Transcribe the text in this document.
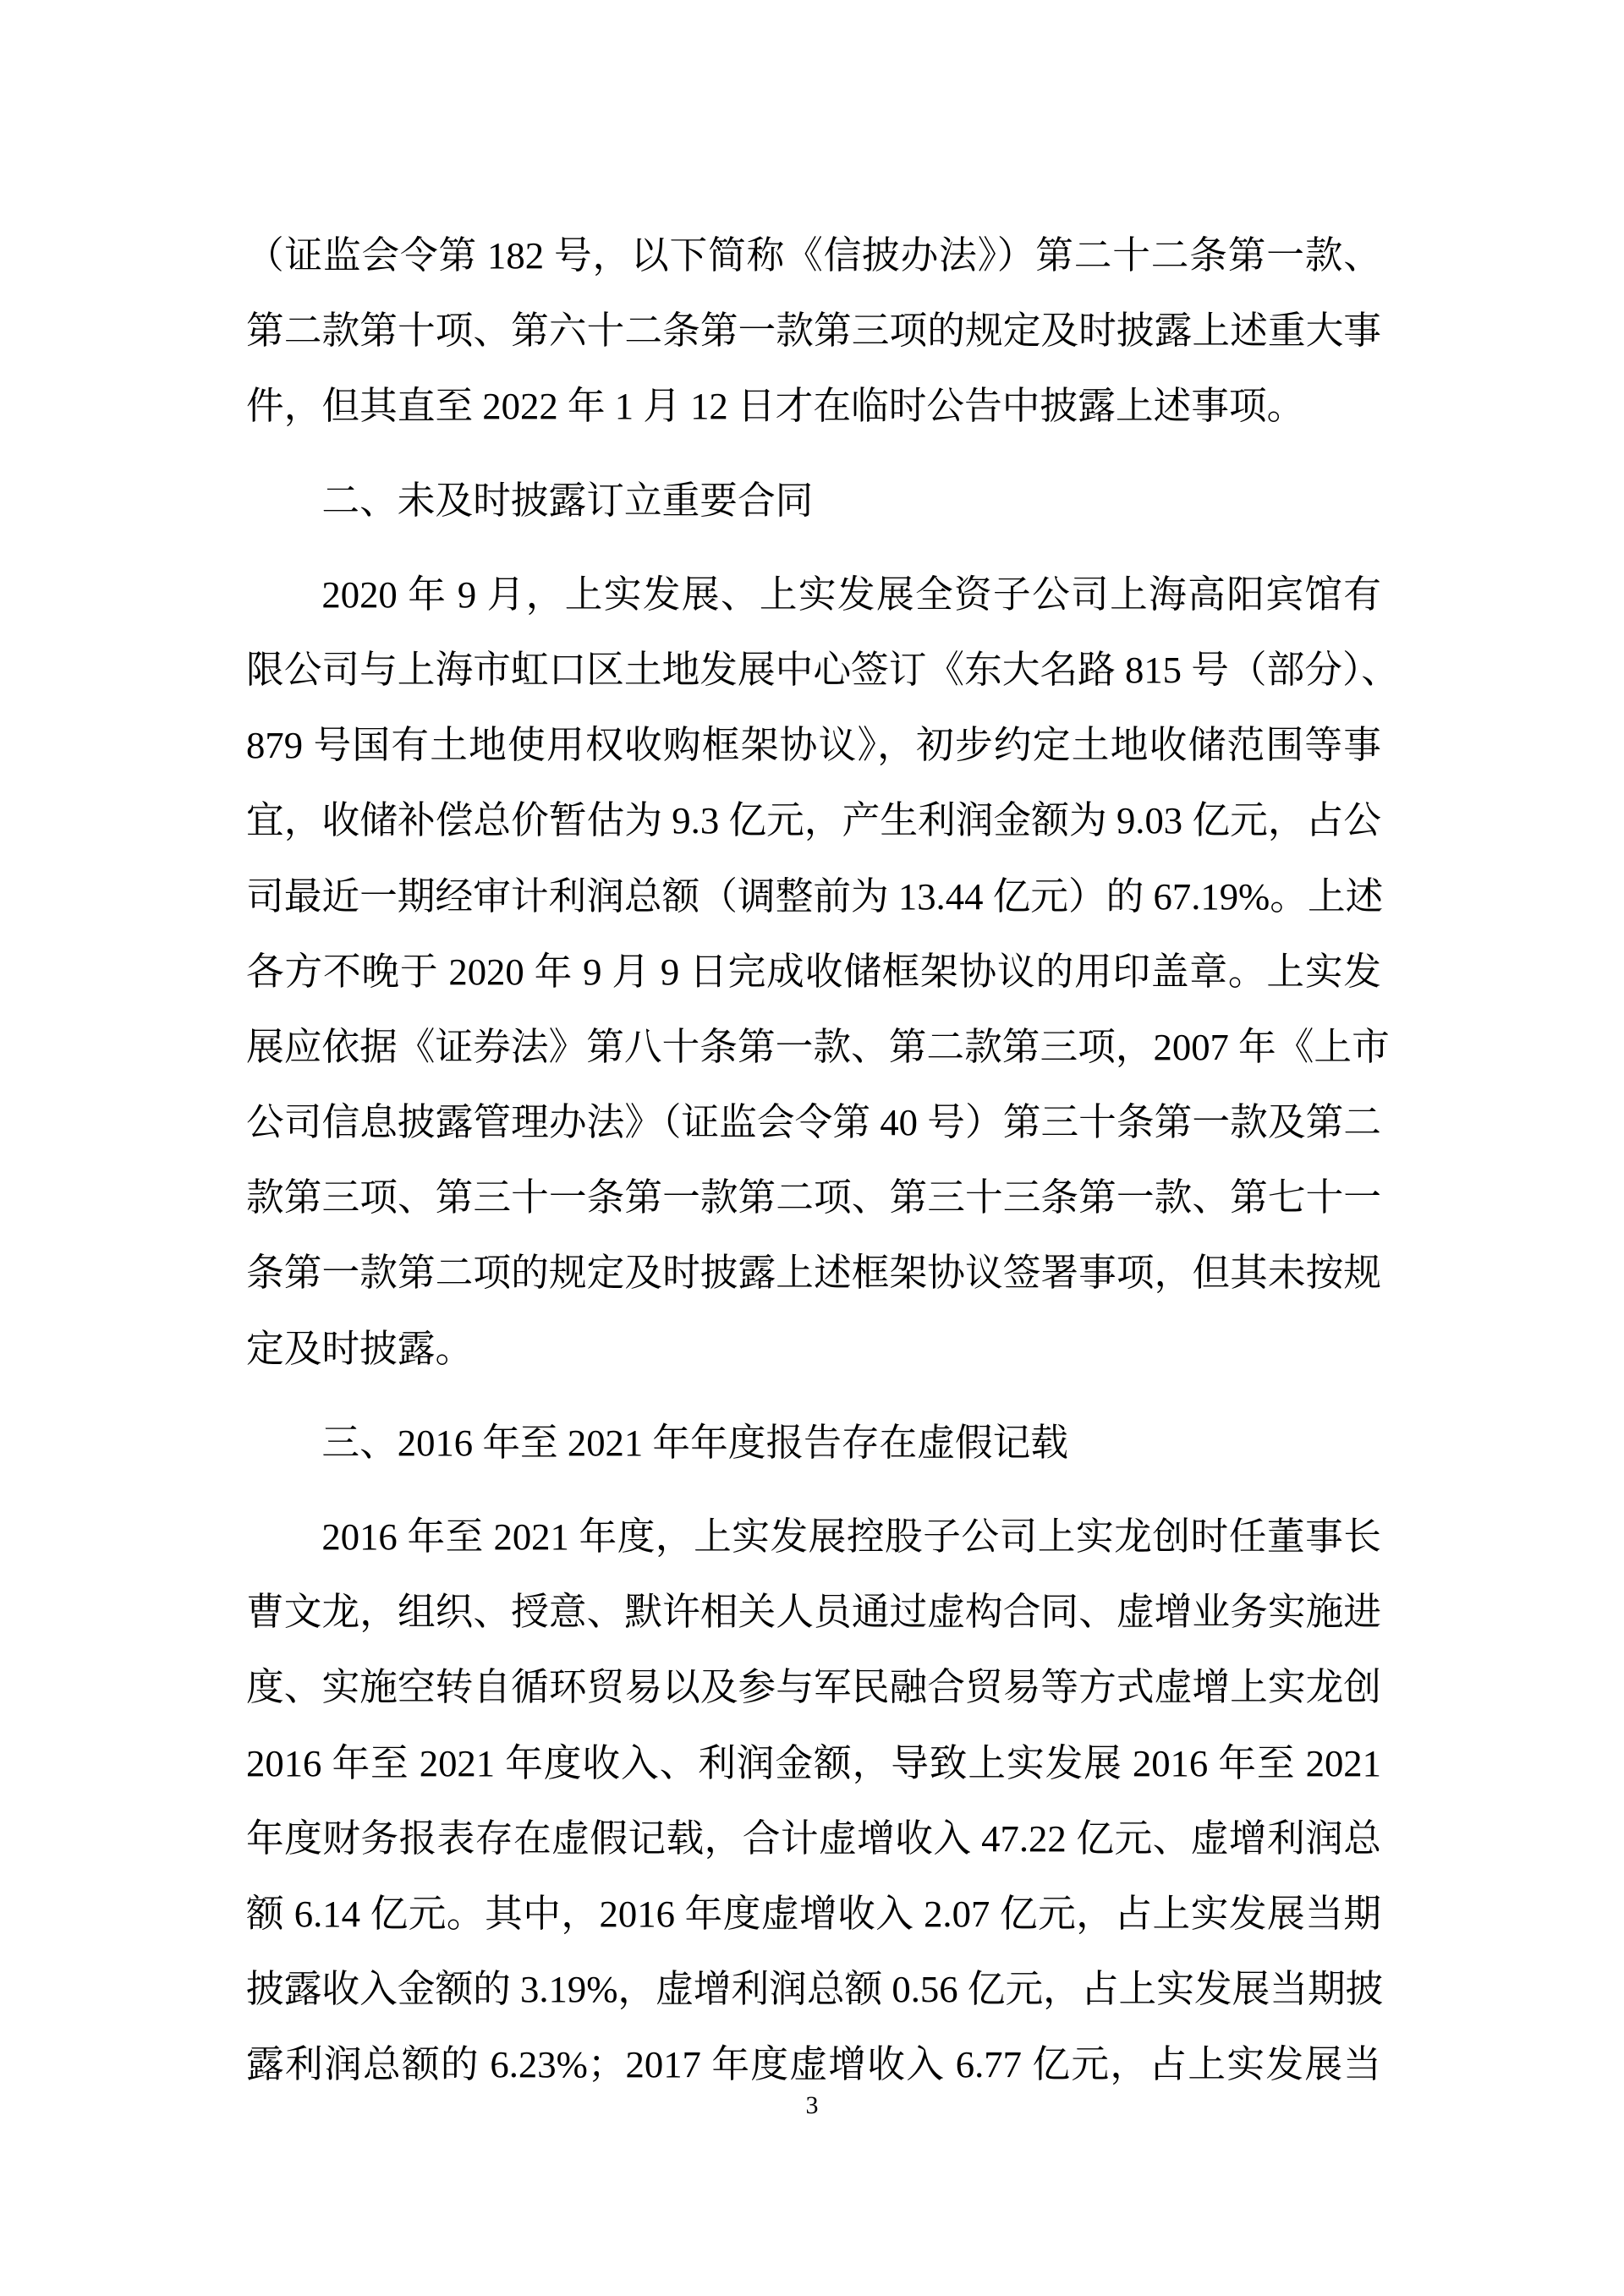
（证监会令第 182 号，以下简称《信披办法》）第二十二条第一款、
第二款第十项、第六十二条第一款第三项的规定及时披露上述重大事
件，但其直至 2022 年 1 月 12 日才在临时公告中披露上述事项。
二、未及时披露订立重要合同
2020 年 9 月，上实发展、上实发展全资子公司上海高阳宾馆有
限公司与上海市虹口区土地发展中心签订《东大名路 815 号（部分）、
879 号国有土地使用权收购框架协议》，初步约定土地收储范围等事
宜，收储补偿总价暂估为 9.3 亿元，产生利润金额为 9.03 亿元，占公
司最近一期经审计利润总额（调整前为 13.44 亿元）的 67.19%。上述
各方不晚于 2020 年 9 月 9 日完成收储框架协议的用印盖章。上实发
展应依据《证券法》第八十条第一款、第二款第三项，2007 年《上市
公司信息披露管理办法》（证监会令第 40 号）第三十条第一款及第二
款第三项、第三十一条第一款第二项、第三十三条第一款、第七十一
条第一款第二项的规定及时披露上述框架协议签署事项，但其未按规
定及时披露。
三、2016 年至 2021 年年度报告存在虚假记载
2016 年至 2021 年度，上实发展控股子公司上实龙创时任董事长
曹文龙，组织、授意、默许相关人员通过虚构合同、虚增业务实施进
度、实施空转自循环贸易以及参与军民融合贸易等方式虚增上实龙创
2016 年至 2021 年度收入、利润金额，导致上实发展 2016 年至 2021
年度财务报表存在虚假记载，合计虚增收入 47.22 亿元、虚增利润总
额 6.14 亿元。其中，2016 年度虚增收入 2.07 亿元，占上实发展当期
披露收入金额的 3.19%，虚增利润总额 0.56 亿元，占上实发展当期披
露利润总额的 6.23%；2017 年度虚增收入 6.77 亿元，占上实发展当
3
